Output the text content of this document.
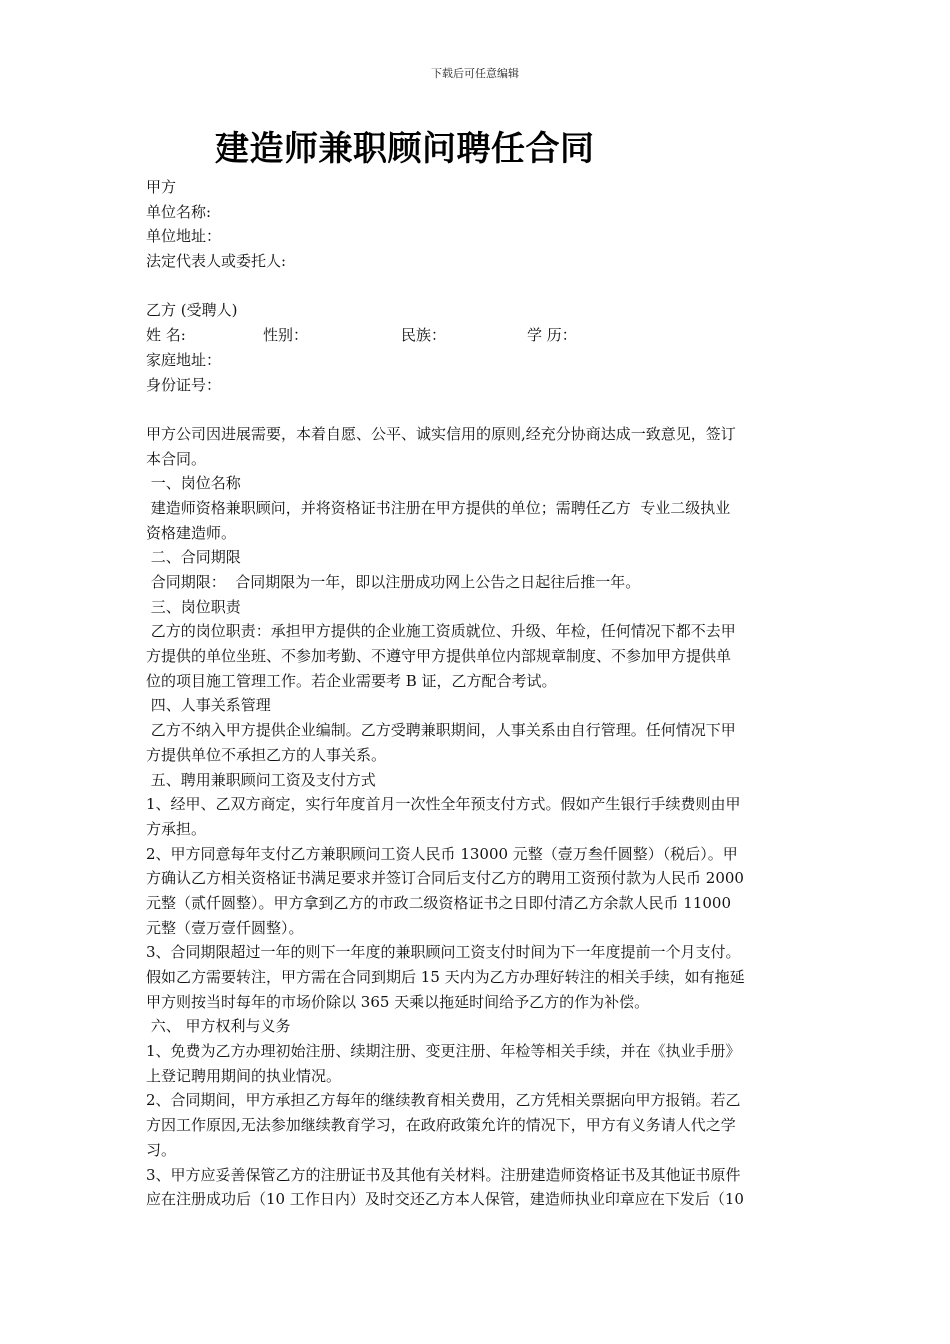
下载后可任意编辑
建造师兼职顾问聘任合同
甲方
单位名称:
单位地址：
法定代表人或委托人:
乙方 (受聘人)
姓 名:	性别：	民族：	学 历：
家庭地址：
身份证号：
甲方公司因进展需要，本着自愿、公平、诚实信用的原则,经充分协商达成一致意见，签订
本合同。
一、岗位名称
建造师资格兼职顾问，并将资格证书注册在甲方提供的单位；需聘任乙方  专业二级执业
资格建造师。
二、合同期限
合同期限：  合同期限为一年，即以注册成功网上公告之日起往后推一年。
三、岗位职责
乙方的岗位职责：承担甲方提供的企业施工资质就位、升级、年检，任何情况下都不去甲
方提供的单位坐班、不参加考勤、不遵守甲方提供单位内部规章制度、不参加甲方提供单
位的项目施工管理工作。若企业需要考 B 证，乙方配合考试。
四、人事关系管理
乙方不纳入甲方提供企业编制。乙方受聘兼职期间，人事关系由自行管理。任何情况下甲
方提供单位不承担乙方的人事关系。
五、聘用兼职顾问工资及支付方式
1、经甲、乙双方商定，实行年度首月一次性全年预支付方式。假如产生银行手续费则由甲
方承担。
2、甲方同意每年支付乙方兼职顾问工资人民币 13000 元整（壹万叁仟圆整）（税后）。甲
方确认乙方相关资格证书满足要求并签订合同后支付乙方的聘用工资预付款为人民币 2000
元整（贰仟圆整）。甲方拿到乙方的市政二级资格证书之日即付清乙方余款人民币 11000
元整（壹万壹仟圆整）。
3、合同期限超过一年的则下一年度的兼职顾问工资支付时间为下一年度提前一个月支付。
假如乙方需要转注，甲方需在合同到期后 15 天内为乙方办理好转注的相关手续，如有拖延
甲方则按当时每年的市场价除以 365 天乘以拖延时间给予乙方的作为补偿。
六、 甲方权利与义务
1、免费为乙方办理初始注册、续期注册、变更注册、年检等相关手续，并在《执业手册》
上登记聘用期间的执业情况。
2、合同期间，甲方承担乙方每年的继续教育相关费用，乙方凭相关票据向甲方报销。若乙
方因工作原因,无法参加继续教育学习，在政府政策允许的情况下，甲方有义务请人代之学
习。
3、甲方应妥善保管乙方的注册证书及其他有关材料。注册建造师资格证书及其他证书原件
应在注册成功后（10 工作日内）及时交还乙方本人保管，建造师执业印章应在下发后（10
